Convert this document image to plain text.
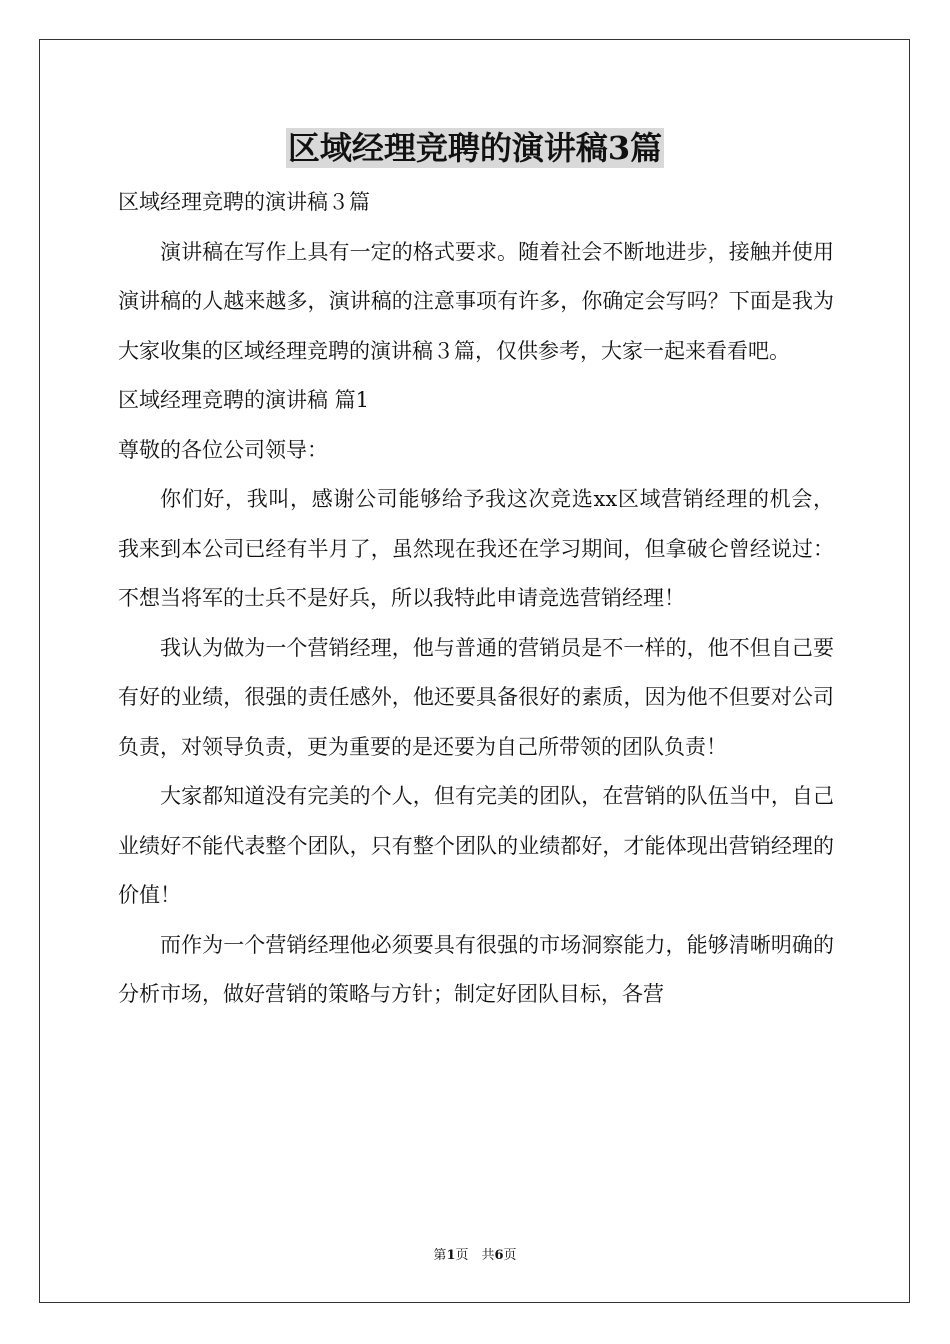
区域经理竞聘的演讲稿3篇

区域经理竞聘的演讲稿３篇

演讲稿在写作上具有一定的格式要求。随着社会不断地进步，接触并使用演讲稿的人越来越多，演讲稿的注意事项有许多，你确定会写吗？下面是我为大家收集的区域经理竞聘的演讲稿３篇，仅供参考，大家一起来看看吧。

区域经理竞聘的演讲稿 篇1

尊敬的各位公司领导：

你们好，我叫，感谢公司能够给予我这次竞选xx区域营销经理的机会，我来到本公司已经有半月了，虽然现在我还在学习期间，但拿破仑曾经说过：不想当将军的士兵不是好兵，所以我特此申请竞选营销经理！

我认为做为一个营销经理，他与普通的营销员是不一样的，他不但自己要有好的业绩，很强的责任感外，他还要具备很好的素质，因为他不但要对公司负责，对领导负责，更为重要的是还要为自己所带领的团队负责！

大家都知道没有完美的个人，但有完美的团队，在营销的队伍当中，自己业绩好不能代表整个团队，只有整个团队的业绩都好，才能体现出营销经理的价值！

而作为一个营销经理他必须要具有很强的市场洞察能力，能够清晰明确的分析市场，做好营销的策略与方针；制定好团队目标，各营

第1页　共6页
